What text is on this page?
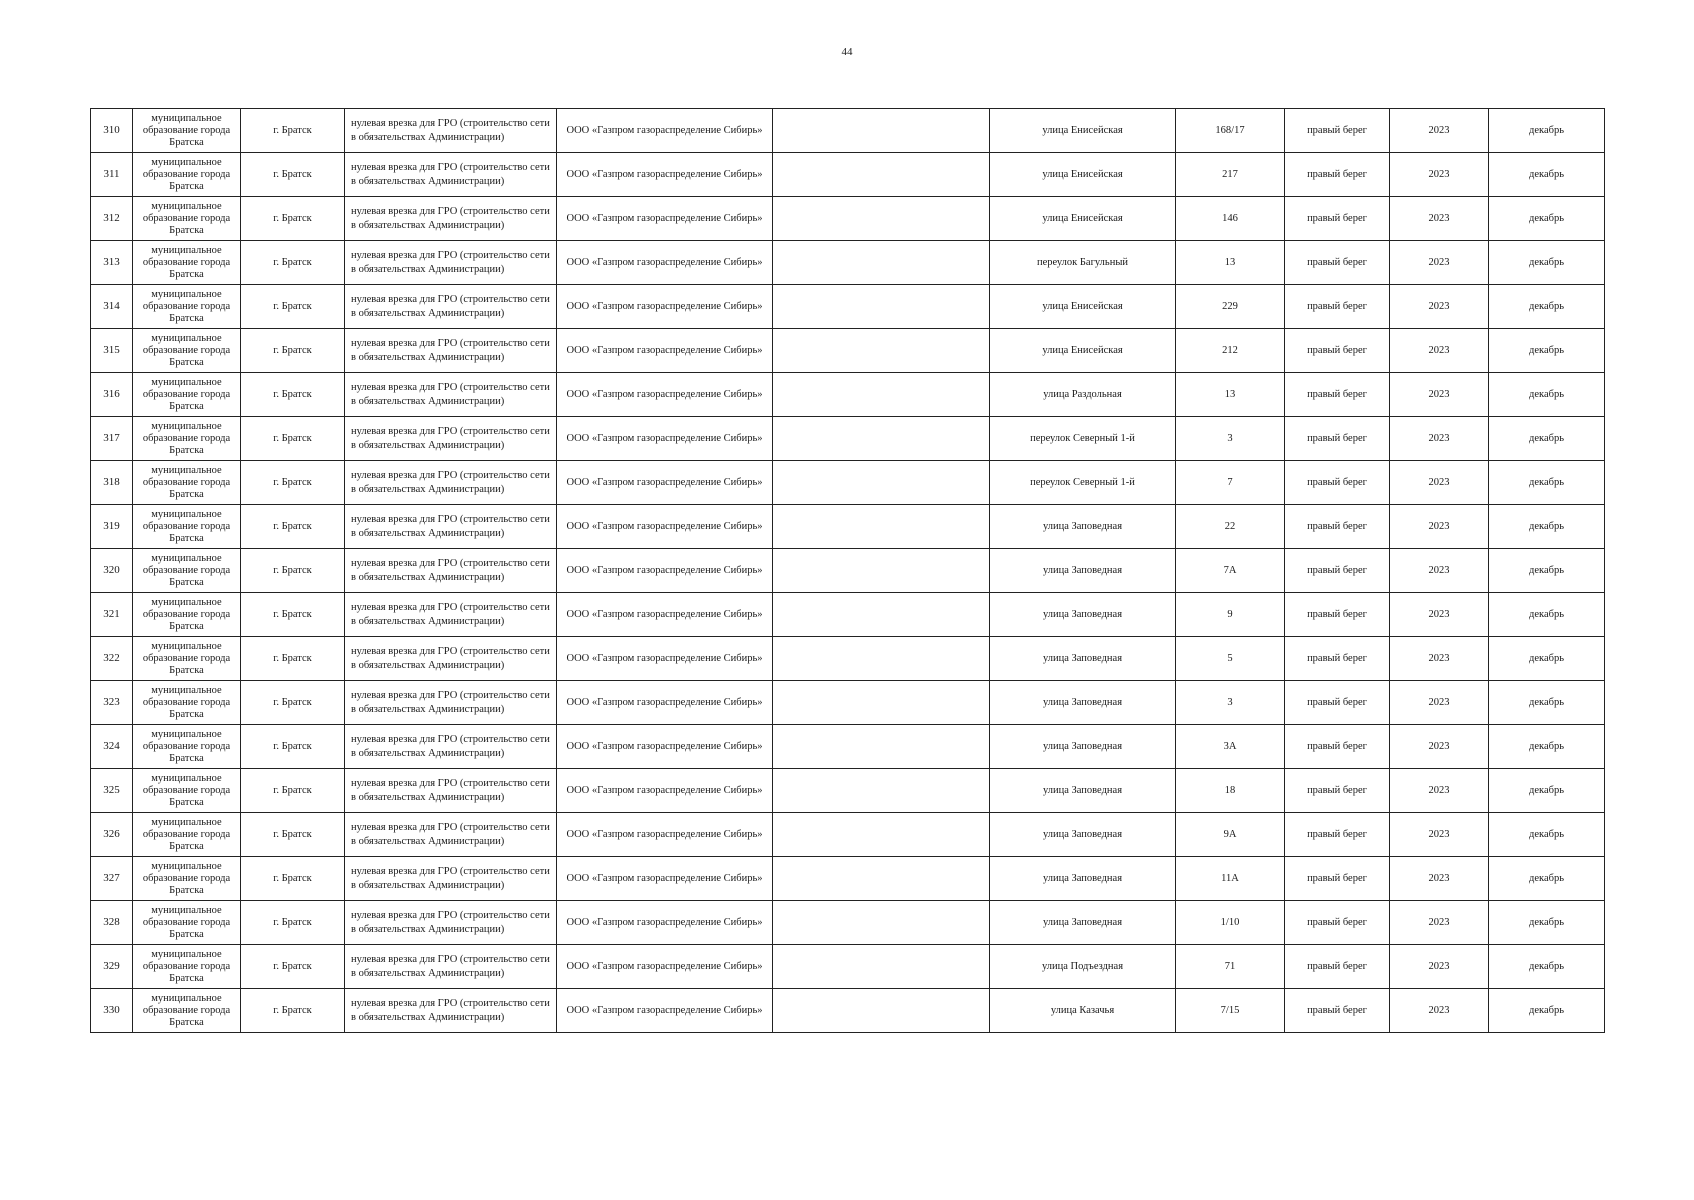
44
310	муниципальное образование города Братска	г. Братск	нулевая врезка для ГРО (строительство сети в обязательствах Администрации)	ООО «Газпром газораспределение Сибирь»		улица Енисейская	168/17	правый берег	2023	декабрь
311	муниципальное образование города Братска	г. Братск	нулевая врезка для ГРО (строительство сети в обязательствах Администрации)	ООО «Газпром газораспределение Сибирь»		улица Енисейская	217	правый берег	2023	декабрь
312	муниципальное образование города Братска	г. Братск	нулевая врезка для ГРО (строительство сети в обязательствах Администрации)	ООО «Газпром газораспределение Сибирь»		улица Енисейская	146	правый берег	2023	декабрь
313	муниципальное образование города Братска	г. Братск	нулевая врезка для ГРО (строительство сети в обязательствах Администрации)	ООО «Газпром газораспределение Сибирь»		переулок Багульный	13	правый берег	2023	декабрь
314	муниципальное образование города Братска	г. Братск	нулевая врезка для ГРО (строительство сети в обязательствах Администрации)	ООО «Газпром газораспределение Сибирь»		улица Енисейская	229	правый берег	2023	декабрь
315	муниципальное образование города Братска	г. Братск	нулевая врезка для ГРО (строительство сети в обязательствах Администрации)	ООО «Газпром газораспределение Сибирь»		улица Енисейская	212	правый берег	2023	декабрь
316	муниципальное образование города Братска	г. Братск	нулевая врезка для ГРО (строительство сети в обязательствах Администрации)	ООО «Газпром газораспределение Сибирь»		улица Раздольная	13	правый берег	2023	декабрь
317	муниципальное образование города Братска	г. Братск	нулевая врезка для ГРО (строительство сети в обязательствах Администрации)	ООО «Газпром газораспределение Сибирь»		переулок Северный 1-й	3	правый берег	2023	декабрь
318	муниципальное образование города Братска	г. Братск	нулевая врезка для ГРО (строительство сети в обязательствах Администрации)	ООО «Газпром газораспределение Сибирь»		переулок Северный 1-й	7	правый берег	2023	декабрь
319	муниципальное образование города Братска	г. Братск	нулевая врезка для ГРО (строительство сети в обязательствах Администрации)	ООО «Газпром газораспределение Сибирь»		улица Заповедная	22	правый берег	2023	декабрь
320	муниципальное образование города Братска	г. Братск	нулевая врезка для ГРО (строительство сети в обязательствах Администрации)	ООО «Газпром газораспределение Сибирь»		улица Заповедная	7А	правый берег	2023	декабрь
321	муниципальное образование города Братска	г. Братск	нулевая врезка для ГРО (строительство сети в обязательствах Администрации)	ООО «Газпром газораспределение Сибирь»		улица Заповедная	9	правый берег	2023	декабрь
322	муниципальное образование города Братска	г. Братск	нулевая врезка для ГРО (строительство сети в обязательствах Администрации)	ООО «Газпром газораспределение Сибирь»		улица Заповедная	5	правый берег	2023	декабрь
323	муниципальное образование города Братска	г. Братск	нулевая врезка для ГРО (строительство сети в обязательствах Администрации)	ООО «Газпром газораспределение Сибирь»		улица Заповедная	3	правый берег	2023	декабрь
324	муниципальное образование города Братска	г. Братск	нулевая врезка для ГРО (строительство сети в обязательствах Администрации)	ООО «Газпром газораспределение Сибирь»		улица Заповедная	3А	правый берег	2023	декабрь
325	муниципальное образование города Братска	г. Братск	нулевая врезка для ГРО (строительство сети в обязательствах Администрации)	ООО «Газпром газораспределение Сибирь»		улица Заповедная	18	правый берег	2023	декабрь
326	муниципальное образование города Братска	г. Братск	нулевая врезка для ГРО (строительство сети в обязательствах Администрации)	ООО «Газпром газораспределение Сибирь»		улица Заповедная	9А	правый берег	2023	декабрь
327	муниципальное образование города Братска	г. Братск	нулевая врезка для ГРО (строительство сети в обязательствах Администрации)	ООО «Газпром газораспределение Сибирь»		улица Заповедная	11А	правый берег	2023	декабрь
328	муниципальное образование города Братска	г. Братск	нулевая врезка для ГРО (строительство сети в обязательствах Администрации)	ООО «Газпром газораспределение Сибирь»		улица Заповедная	1/10	правый берег	2023	декабрь
329	муниципальное образование города Братска	г. Братск	нулевая врезка для ГРО (строительство сети в обязательствах Администрации)	ООО «Газпром газораспределение Сибирь»		улица Подъездная	71	правый берег	2023	декабрь
330	муниципальное образование города Братска	г. Братск	нулевая врезка для ГРО (строительство сети в обязательствах Администрации)	ООО «Газпром газораспределение Сибирь»		улица Казачья	7/15	правый берег	2023	декабрь
